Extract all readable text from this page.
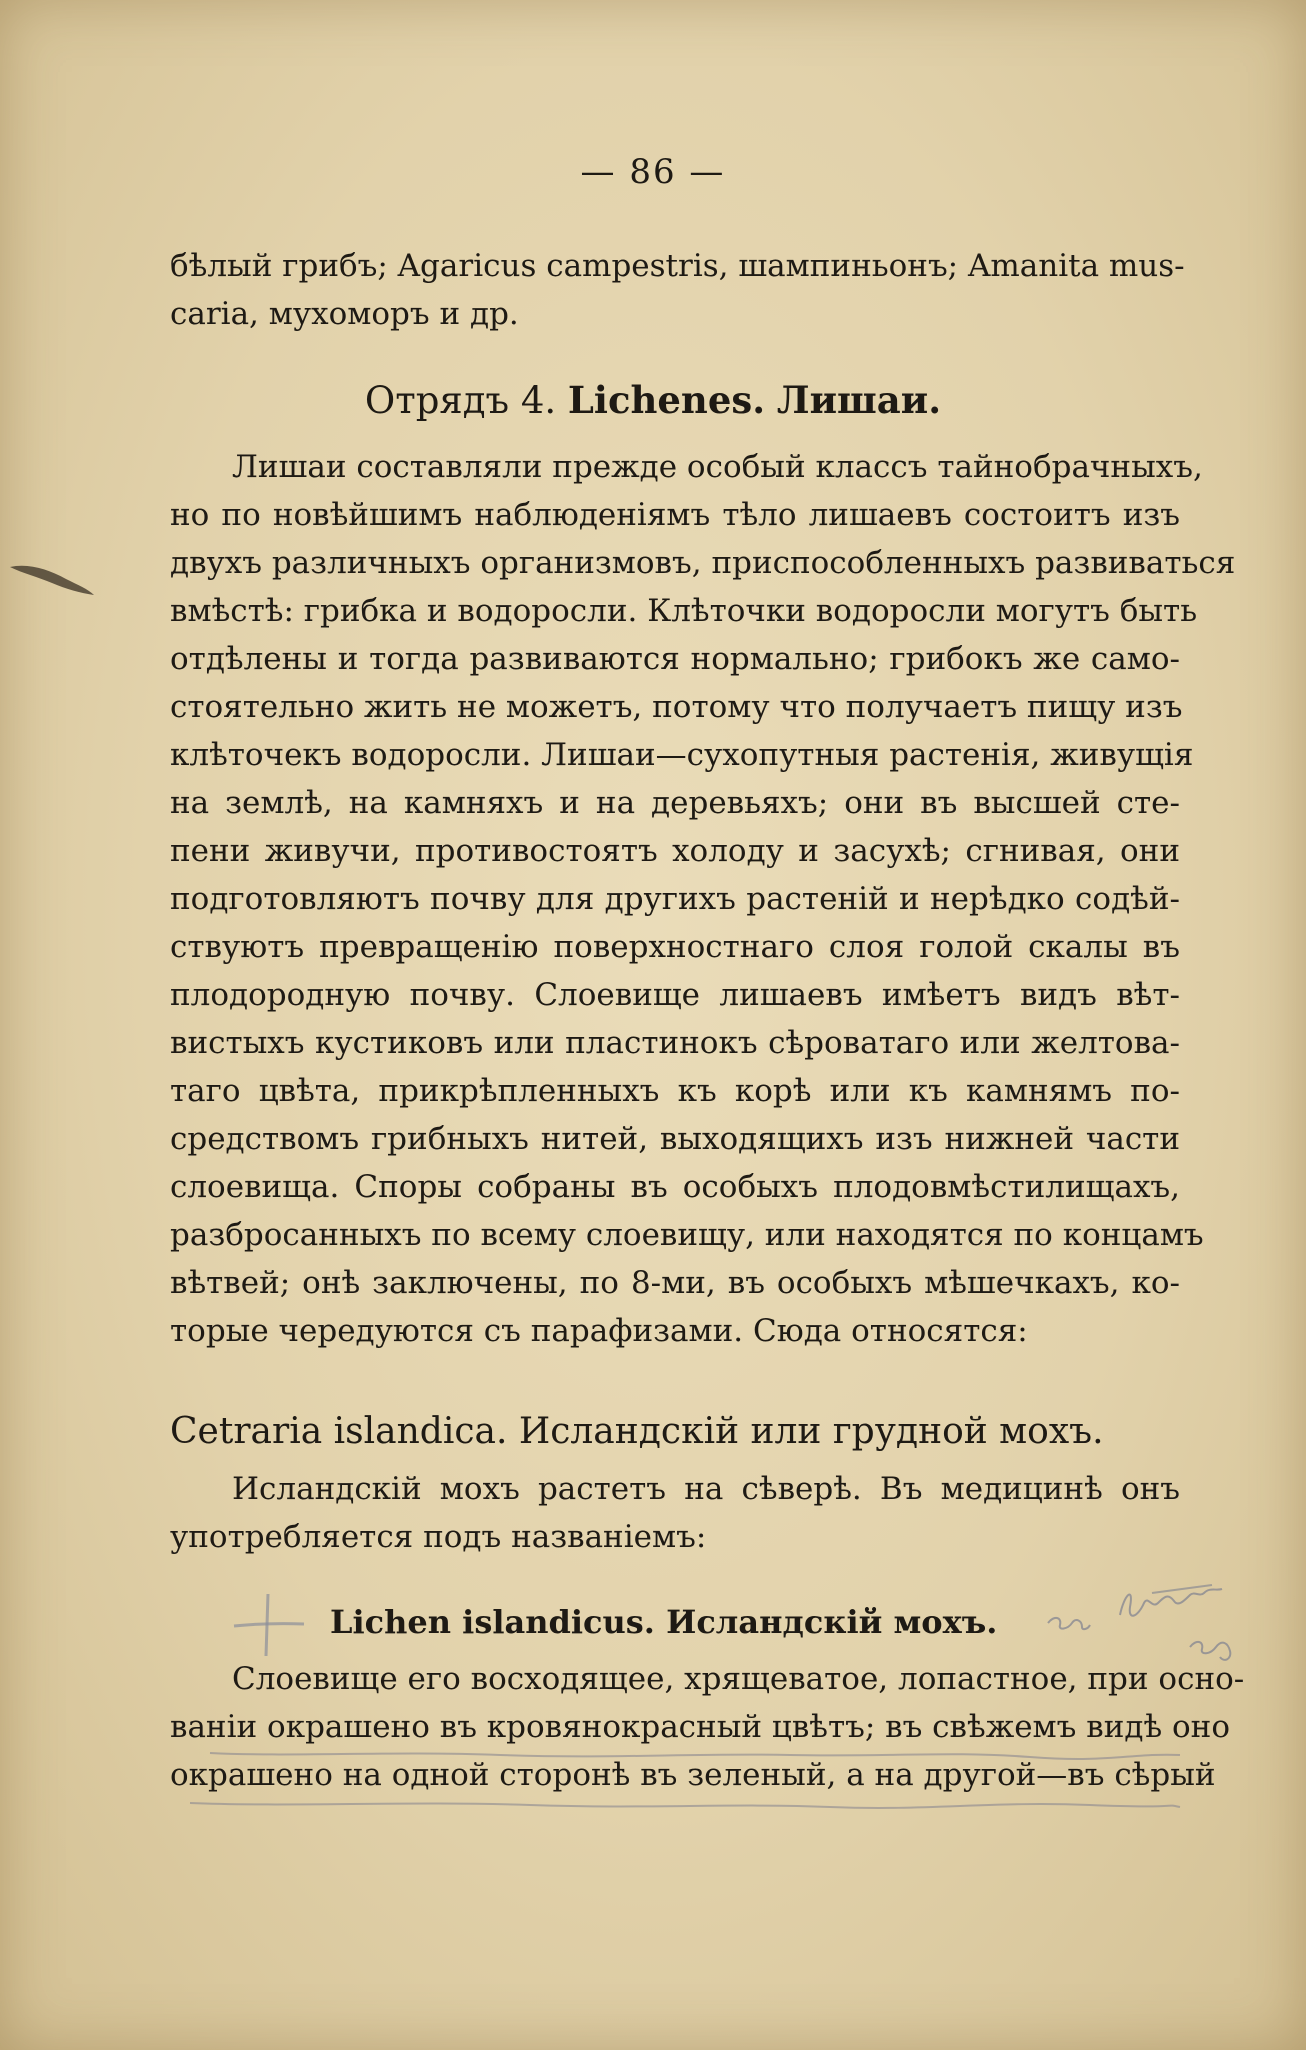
— 86 —
бѣлый грибъ; Agaricus campestris, шампиньонъ; Amanita mus-
caria, мухоморъ и др.
Отрядъ 4. Lichenes. Лишаи.
Лишаи составляли прежде особый классъ тайнобрачныхъ,
но по новѣйшимъ наблюденіямъ тѣло лишаевъ состоитъ изъ
двухъ различныхъ организмовъ, приспособленныхъ развиваться
вмѣстѣ: грибка и водоросли. Клѣточки водоросли могутъ быть
отдѣлены и тогда развиваются нормально; грибокъ же само-
стоятельно жить не можетъ, потому что получаетъ пищу изъ
клѣточекъ водоросли. Лишаи—сухопутныя растенія, живущія
на землѣ, на камняхъ и на деревьяхъ; они въ высшей сте-
пени живучи, противостоятъ холоду и засухѣ; сгнивая, они
подготовляютъ почву для другихъ растеній и нерѣдко содѣй-
ствуютъ превращенію поверхностнаго слоя голой скалы въ
плодородную почву. Слоевище лишаевъ имѣетъ видъ вѣт-
вистыхъ кустиковъ или пластинокъ сѣроватаго или желтова-
таго цвѣта, прикрѣпленныхъ къ корѣ или къ камнямъ по-
средствомъ грибныхъ нитей, выходящихъ изъ нижней части
слоевища. Споры собраны въ особыхъ плодовмѣстилищахъ,
разбросанныхъ по всему слоевищу, или находятся по концамъ
вѣтвей; онѣ заключены, по 8-ми, въ особыхъ мѣшечкахъ, ко-
торые чередуются съ парафизами. Сюда относятся:
Cetraria islandica. Исландскій или грудной мохъ.
Исландскій мохъ растетъ на сѣверѣ. Въ медицинѣ онъ
употребляется подъ названіемъ:
Lichen islandicus. Исландскій мохъ.
Слоевище его восходящее, хрящеватое, лопастное, при осно-
ваніи окрашено въ кровянокрасный цвѣтъ; въ свѣжемъ видѣ оно
окрашено на одной сторонѣ въ зеленый, а на другой—въ сѣрый
